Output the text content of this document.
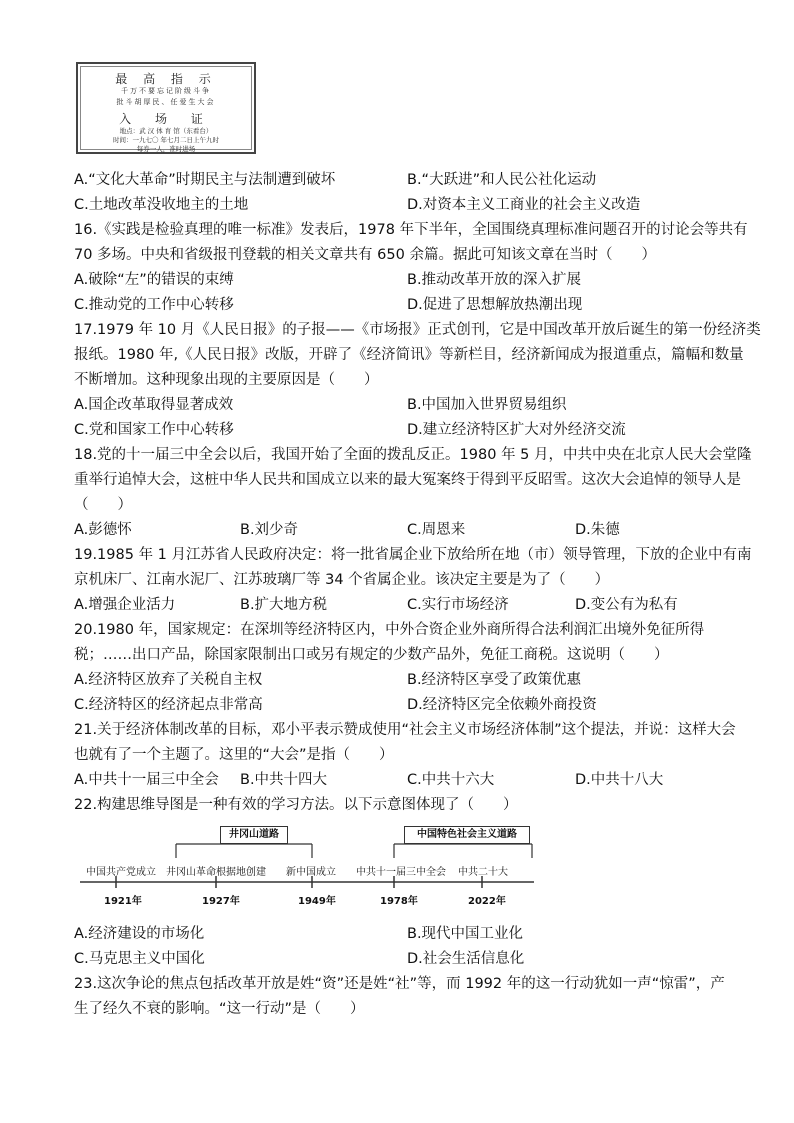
最 高 指 示
千万不要忘记阶级斗争
批斗胡厚民、任爱生大会
入 场 证
地点：武 汉 体 育 馆（东看台）
时间：一九七〇 年七月二日上午九时
每券一人，准时进场
A.“文化大革命”时期民主与法制遭到破坏	B.“大跃进”和人民公社化运动
C.土地改革没收地主的土地	D.对资本主义工商业的社会主义改造
16.《实践是检验真理的唯一标准》发表后，1978 年下半年，全国围绕真理标准问题召开的讨论会等共有
70 多场。中央和省级报刊登载的相关文章共有 650 余篇。据此可知该文章在当时（　　）
A.破除“左”的错误的束缚	B.推动改革开放的深入扩展
C.推动党的工作中心转移	D.促进了思想解放热潮出现
17.1979 年 10 月《人民日报》的子报——《市场报》正式创刊，它是中国改革开放后诞生的第一份经济类
报纸。1980 年,《人民日报》改版，开辟了《经济简讯》等新栏目，经济新闻成为报道重点，篇幅和数量
不断增加。这种现象出现的主要原因是（　　）
A.国企改革取得显著成效	B.中国加入世界贸易组织
C.党和国家工作中心转移	D.建立经济特区扩大对外经济交流
18.党的十一届三中全会以后，我国开始了全面的拨乱反正。1980 年 5 月，中共中央在北京人民大会堂隆
重举行追悼大会，这桩中华人民共和国成立以来的最大冤案终于得到平反昭雪。这次大会追悼的领导人是
（　　）
A.彭德怀	B.刘少奇	C.周恩来	D.朱德
19.1985 年 1 月江苏省人民政府决定：将一批省属企业下放给所在地（市）领导管理，下放的企业中有南
京机床厂、江南水泥厂、江苏玻璃厂等 34 个省属企业。该决定主要是为了（　　）
A.增强企业活力	B.扩大地方税	C.实行市场经济	D.变公有为私有
20.1980 年，国家规定：在深圳等经济特区内，中外合资企业外商所得合法利润汇出境外免征所得
税；……出口产品，除国家限制出口或另有规定的少数产品外，免征工商税。这说明（　　）
A.经济特区放弃了关税自主权	B.经济特区享受了政策优惠
C.经济特区的经济起点非常高	D.经济特区完全依赖外商投资
21.关于经济体制改革的目标，邓小平表示赞成使用“社会主义市场经济体制”这个提法，并说：这样大会
也就有了一个主题了。这里的“大会”是指（　　）
A.中共十一届三中全会 B.中共十四大	C.中共十六大	D.中共十八大
22.构建思维导图是一种有效的学习方法。以下示意图体现了（　　）
井冈山道路	中国特色社会主义道路
中国共产党成立 井冈山革命根据地创建 新中国成立 中共十一届三中全会 中共二十大
1921年	1927年	1949年	1978年	2022年
A.经济建设的市场化	B.现代中国工业化
C.马克思主义中国化	D.社会生活信息化
23.这次争论的焦点包括改革开放是姓“资”还是姓“社”等，而 1992 年的这一行动犹如一声“惊雷”，产
生了经久不衰的影响。“这一行动”是（　　）
